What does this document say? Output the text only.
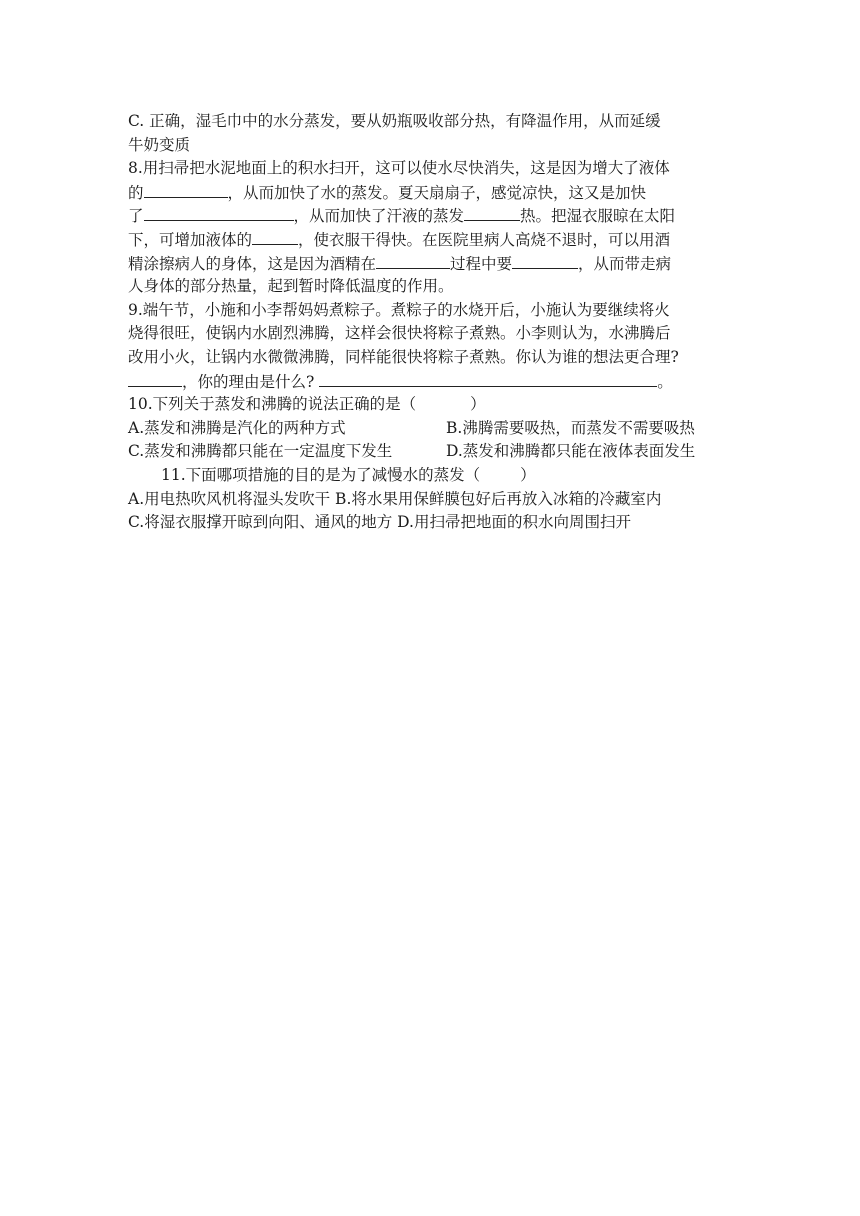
C. 正确，湿毛巾中的水分蒸发，要从奶瓶吸收部分热，有降温作用，从而延缓
牛奶变质
8.用扫帚把水泥地面上的积水扫开，这可以使水尽快消失，这是因为增大了液体
的	，从而加快了水的蒸发。夏天扇扇子，感觉凉快，这又是加快
了	，从而加快了汗液的蒸发	热。把湿衣服晾在太阳
下，可增加液体的	，使衣服干得快。在医院里病人高烧不退时，可以用酒
精涂擦病人的身体，这是因为酒精在	过程中要	，从而带走病
人身体的部分热量，起到暂时降低温度的作用。
9.端午节，小施和小李帮妈妈煮粽子。煮粽子的水烧开后，小施认为要继续将火
烧得很旺，使锅内水剧烈沸腾，这样会很快将粽子煮熟。小李则认为，水沸腾后
改用小火，让锅内水微微沸腾，同样能很快将粽子煮熟。你认为谁的想法更合理?
，你的理由是什么?	。
10.下列关于蒸发和沸腾的说法正确的是（	）
A.蒸发和沸腾是汽化的两种方式	B.沸腾需要吸热，而蒸发不需要吸热
C.蒸发和沸腾都只能在一定温度下发生	D.蒸发和沸腾都只能在液体表面发生
11.下面哪项措施的目的是为了减慢水的蒸发（	）
A.用电热吹风机将湿头发吹干 B.将水果用保鲜膜包好后再放入冰箱的冷藏室内
C.将湿衣服撑开晾到向阳、通风的地方 D.用扫帚把地面的积水向周围扫开
